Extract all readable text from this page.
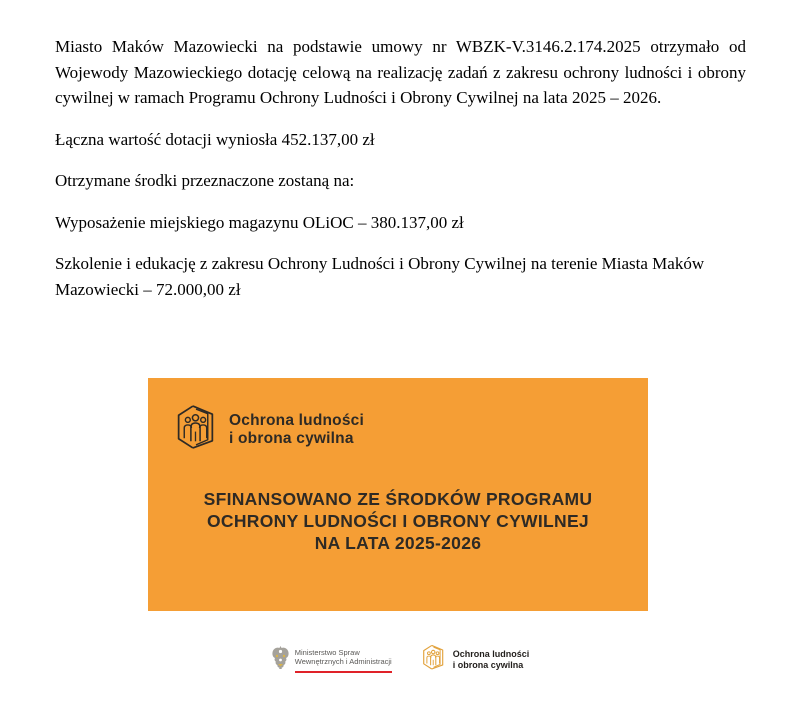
Miasto Maków Mazowiecki na podstawie umowy nr WBZK-V.3146.2.174.2025 otrzymało od Wojewody Mazowieckiego dotację celową na realizację zadań z zakresu ochrony ludności i obrony cywilnej w ramach Programu Ochrony Ludności i Obrony Cywilnej na lata 2025 – 2026.

Łączna wartość dotacji wyniosła 452.137,00 zł

Otrzymane środki przeznaczone zostaną na:

Wyposażenie miejskiego magazynu OLiOC – 380.137,00 zł

Szkolenie i edukację z zakresu Ochrony Ludności i Obrony Cywilnej na terenie Miasta Maków Mazowiecki – 72.000,00 zł

Ochrona ludności
i obrona cywilna
SFINANSOWANO ZE ŚRODKÓW PROGRAMU
OCHRONY LUDNOŚCI I OBRONY CYWILNEJ
NA LATA 2025-2026
Ministerstwo Spraw
Wewnętrznych i Administracji
Ochrona ludności
i obrona cywilna
